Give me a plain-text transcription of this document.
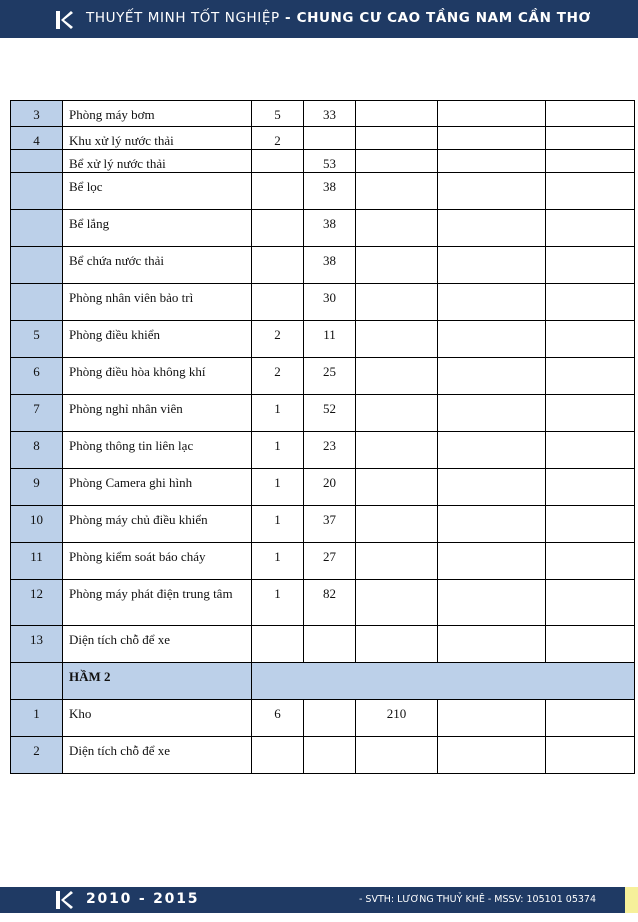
THUYẾT MINH TỐT NGHIỆP - CHUNG CƯ CAO TẦNG NAM CẦN THƠ
3	Phòng máy bơm	5	33			

4	Khu xử lý nước thải	2				

	Bể xử lý nước thải		53			

	Bể lọc		38			

	Bể lắng		38			

	Bể chứa nước thải		38			

	Phòng nhân viên bảo trì		30			

5	Phòng điều khiển	2	11			

6	Phòng điều hòa không khí	2	25			

7	Phòng nghỉ nhân viên	1	52			

8	Phòng thông tin liên lạc	1	23			

9	Phòng Camera ghi hình	1	20			

10	Phòng máy chủ điều khiển	1	37			

11	Phòng kiểm soát báo cháy	1	27			

12	Phòng máy phát điện trung tâm	1	82			

13	Diện tích chỗ để xe					

	HẦM 2					

1	Kho	6		210		

2	Diện tích chỗ để xe					

2010 - 2015	- SVTH: LƯƠNG THUỶ KHÊ - MSSV: 105101 05374
